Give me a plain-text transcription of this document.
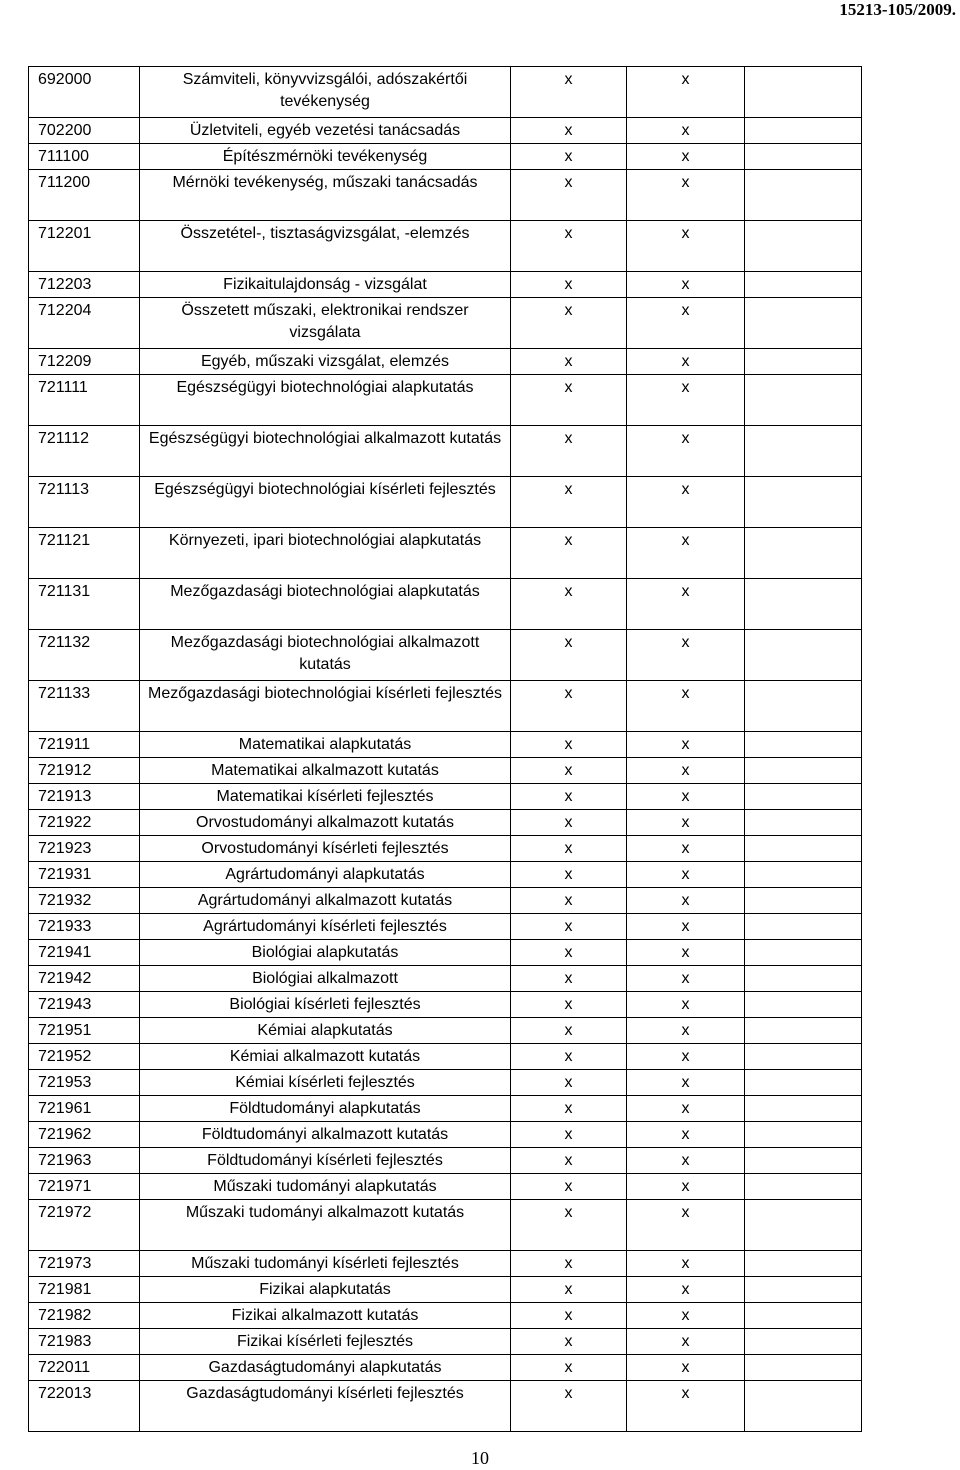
15213-105/2009.
692000	Számviteli, könyvvizsgálói, adószakértői tevékenység	x	x	
702200	Üzletviteli, egyéb vezetési tanácsadás	x	x	
711100	Építészmérnöki tevékenység	x	x	
711200	Mérnöki tevékenység, műszaki tanácsadás	x	x	
712201	Összetétel-, tisztaságvizsgálat, -elemzés	x	x	
712203	Fizikaitulajdonság - vizsgálat	x	x	
712204	Összetett műszaki, elektronikai rendszer vizsgálata	x	x	
712209	Egyéb, műszaki vizsgálat, elemzés	x	x	
721111	Egészségügyi biotechnológiai alapkutatás	x	x	
721112	Egészségügyi biotechnológiai alkalmazott kutatás	x	x	
721113	Egészségügyi biotechnológiai kísérleti fejlesztés	x	x	
721121	Környezeti, ipari biotechnológiai alapkutatás	x	x	
721131	Mezőgazdasági biotechnológiai alapkutatás	x	x	
721132	Mezőgazdasági biotechnológiai alkalmazott kutatás	x	x	
721133	Mezőgazdasági biotechnológiai kísérleti fejlesztés	x	x	
721911	Matematikai alapkutatás	x	x	
721912	Matematikai alkalmazott kutatás	x	x	
721913	Matematikai kísérleti fejlesztés	x	x	
721922	Orvostudományi alkalmazott kutatás	x	x	
721923	Orvostudományi kísérleti fejlesztés	x	x	
721931	Agrártudományi alapkutatás	x	x	
721932	Agrártudományi alkalmazott kutatás	x	x	
721933	Agrártudományi kísérleti fejlesztés	x	x	
721941	Biológiai alapkutatás	x	x	
721942	Biológiai alkalmazott	x	x	
721943	Biológiai kísérleti fejlesztés	x	x	
721951	Kémiai alapkutatás	x	x	
721952	Kémiai alkalmazott kutatás	x	x	
721953	Kémiai kísérleti fejlesztés	x	x	
721961	Földtudományi alapkutatás	x	x	
721962	Földtudományi alkalmazott kutatás	x	x	
721963	Földtudományi kísérleti fejlesztés	x	x	
721971	Műszaki tudományi alapkutatás	x	x	
721972	Műszaki tudományi alkalmazott kutatás	x	x	
721973	Műszaki tudományi kísérleti fejlesztés	x	x	
721981	Fizikai alapkutatás	x	x	
721982	Fizikai alkalmazott kutatás	x	x	
721983	Fizikai kísérleti fejlesztés	x	x	
722011	Gazdaságtudományi alapkutatás	x	x	
722013	Gazdaságtudományi kísérleti fejlesztés	x	x	
10
